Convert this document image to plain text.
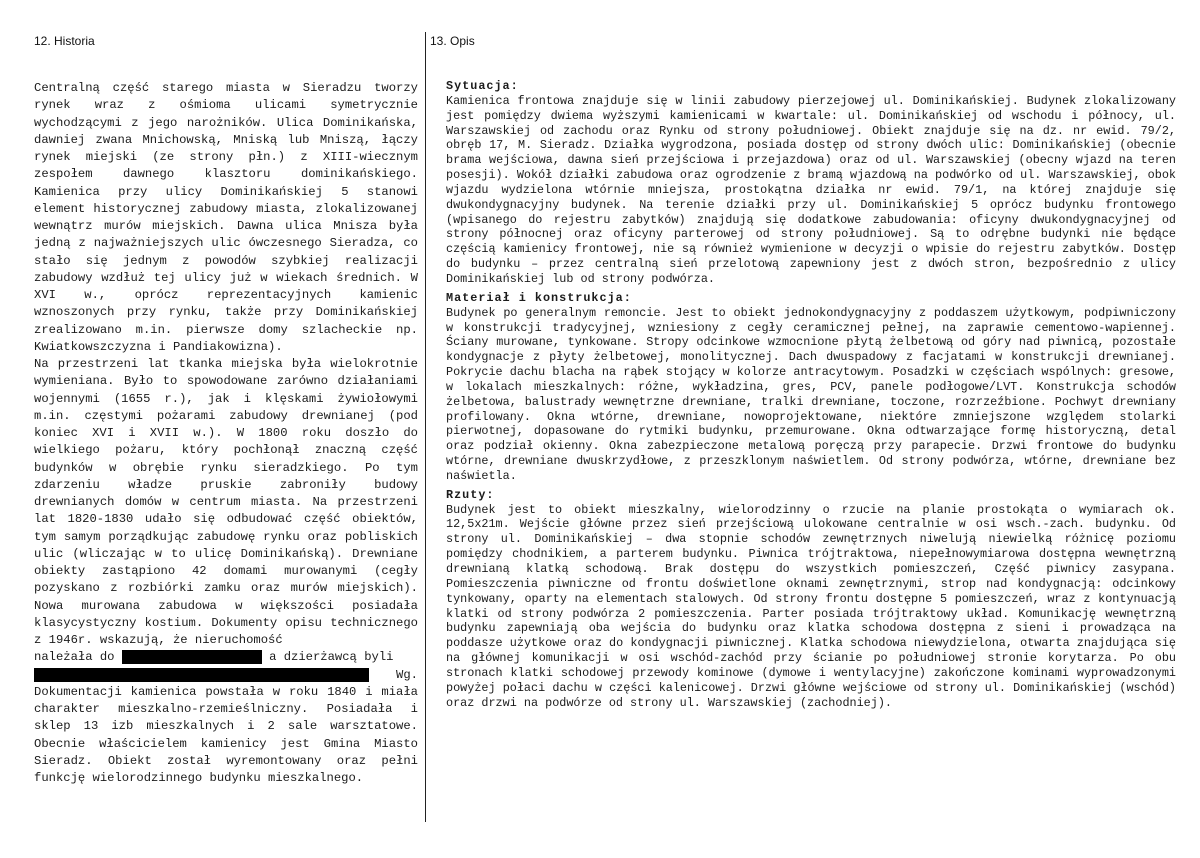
12. Historia	13. Opis

Centralną część starego miasta w Sieradzu tworzy rynek wraz z ośmioma ulicami symetrycznie wychodzącymi z jego narożników. Ulica Dominikańska, dawniej zwana Mnichowską, Mniską lub Mniszą, łączy rynek miejski (ze strony płn.) z XIII-wiecznym zespołem dawnego klasztoru dominikańskiego. Kamienica przy ulicy Dominikańskiej 5 stanowi element historycznej zabudowy miasta, zlokalizowanej wewnątrz murów miejskich. Dawna ulica Mnisza była jedną z najważniejszych ulic ówczesnego Sieradza, co stało się jednym z powodów szybkiej realizacji zabudowy wzdłuż tej ulicy już w wiekach średnich. W XVI w., oprócz reprezentacyjnych kamienic wznoszonych przy rynku, także przy Dominikańskiej zrealizowano m.in. pierwsze domy szlacheckie np. Kwiatkowszczyzna i Pandiakowizna).

Na przestrzeni lat tkanka miejska była wielokrotnie wymieniana. Było to spowodowane zarówno działaniami wojennymi (1655 r.), jak i klęskami żywiołowymi m.in. częstymi pożarami zabudowy drewnianej (pod koniec XVI i XVII w.). W 1800 roku doszło do wielkiego pożaru, który pochłonął znaczną część budynków w obrębie rynku sieradzkiego. Po tym zdarzeniu władze pruskie zabroniły budowy drewnianych domów w centrum miasta. Na przestrzeni lat 1820-1830 udało się odbudować część obiektów, tym samym porządkując zabudowę rynku oraz pobliskich ulic (wliczając w to ulicę Dominikańską). Drewniane obiekty zastąpiono 42 domami murowanymi (cegły pozyskano z rozbiórki zamku oraz murów miejskich). Nowa murowana zabudowa w większości posiadała klasycystyczny kostium. Dokumenty opisu technicznego z 1946r. wskazują, że nieruchomość

należała do	a dzierżawcą byli

Wg.

Dokumentacji kamienica powstała w roku 1840 i miała charakter mieszkalno-rzemieślniczny. Posiadała i sklep 13 izb mieszkalnych i 2 sale warsztatowe. Obecnie właścicielem kamienicy jest Gmina Miasto Sieradz. Obiekt został wyremontowany oraz pełni funkcję wielorodzinnego budynku mieszkalnego.

Sytuacja:

Kamienica frontowa znajduje się w linii zabudowy pierzejowej ul. Dominikańskiej. Budynek zlokalizowany jest pomiędzy dwiema wyższymi kamienicami w kwartale: ul. Dominikańskiej od wschodu i północy, ul. Warszawskiej od zachodu oraz Rynku od strony południowej. Obiekt znajduje się na dz. nr ewid. 79/2, obręb 17, M. Sieradz. Działka wygrodzona, posiada dostęp od strony dwóch ulic: Dominikańskiej (obecnie brama wejściowa, dawna sień przejściowa i przejazdowa) oraz od ul. Warszawskiej (obecny wjazd na teren posesji). Wokół działki zabudowa oraz ogrodzenie z bramą wjazdową na podwórko od ul. Warszawskiej, obok wjazdu wydzielona wtórnie mniejsza, prostokątna działka nr ewid. 79/1, na której znajduje się dwukondygnacyjny budynek. Na terenie działki przy ul. Dominikańskiej 5 oprócz budynku frontowego (wpisanego do rejestru zabytków) znajdują się dodatkowe zabudowania: oficyny dwukondygnacyjnej od strony północnej oraz oficyny parterowej od strony południowej. Są to odrębne budynki nie będące częścią kamienicy frontowej, nie są również wymienione w decyzji o wpisie do rejestru zabytków. Dostęp do budynku – przez centralną sień przelotową zapewniony jest z dwóch stron, bezpośrednio z ulicy Dominikańskiej lub od strony podwórza.

Materiał i konstrukcja:

Budynek po generalnym remoncie. Jest to obiekt jednokondygnacyjny z poddaszem użytkowym, podpiwniczony w konstrukcji tradycyjnej, wzniesiony z cegły ceramicznej pełnej, na zaprawie cementowo-wapiennej. Ściany murowane, tynkowane. Stropy odcinkowe wzmocnione płytą żelbetową od góry nad piwnicą, pozostałe kondygnacje z płyty żelbetowej, monolitycznej. Dach dwuspadowy z facjatami w konstrukcji drewnianej. Pokrycie dachu blacha na rąbek stojący w kolorze antracytowym. Posadzki w częściach wspólnych: gresowe, w lokalach mieszkalnych: różne, wykładzina, gres, PCV, panele podłogowe/LVT. Konstrukcja schodów żelbetowa, balustrady wewnętrzne drewniane, tralki drewniane, toczone, rozrzeźbione. Pochwyt drewniany profilowany. Okna wtórne, drewniane, nowoprojektowane, niektóre zmniejszone względem stolarki pierwotnej, dopasowane do rytmiki budynku, przemurowane. Okna odtwarzające formę historyczną, detal oraz podział okienny. Okna zabezpieczone metalową poręczą przy parapecie. Drzwi frontowe do budynku wtórne, drewniane dwuskrzydłowe, z przeszklonym naświetlem. Od strony podwórza, wtórne, drewniane bez naświetla.

Rzuty:

Budynek jest to obiekt mieszkalny, wielorodzinny o rzucie na planie prostokąta o wymiarach ok. 12,5x21m. Wejście główne przez sień przejściową ulokowane centralnie w osi wsch.-zach. budynku. Od strony ul. Dominikańskiej – dwa stopnie schodów zewnętrznych niwelują niewielką różnicę poziomu pomiędzy chodnikiem, a parterem budynku. Piwnica trójtraktowa, niepełnowymiarowa dostępna wewnętrzną drewnianą klatką schodową. Brak dostępu do wszystkich pomieszczeń, Część piwnicy zasypana. Pomieszczenia piwniczne od frontu doświetlone oknami zewnętrznymi, strop nad kondygnacją: odcinkowy tynkowany, oparty na elementach stalowych. Od strony frontu dostępne 5 pomieszczeń, wraz z kontynuacją klatki od strony podwórza 2 pomieszczenia. Parter posiada trójtraktowy układ. Komunikację wewnętrzną budynku zapewniają oba wejścia do budynku oraz klatka schodowa dostępna z sieni i prowadząca na poddasze użytkowe oraz do kondygnacji piwnicznej. Klatka schodowa niewydzielona, otwarta znajdująca się na głównej komunikacji w osi wschód-zachód przy ścianie po południowej stronie korytarza. Po obu stronach klatki schodowej przewody kominowe (dymowe i wentylacyjne) zakończone kominami wyprowadzonymi powyżej połaci dachu w części kalenicowej. Drzwi główne wejściowe od strony ul. Dominikańskiej (wschód) oraz drzwi na podwórze od strony ul. Warszawskiej (zachodniej).
